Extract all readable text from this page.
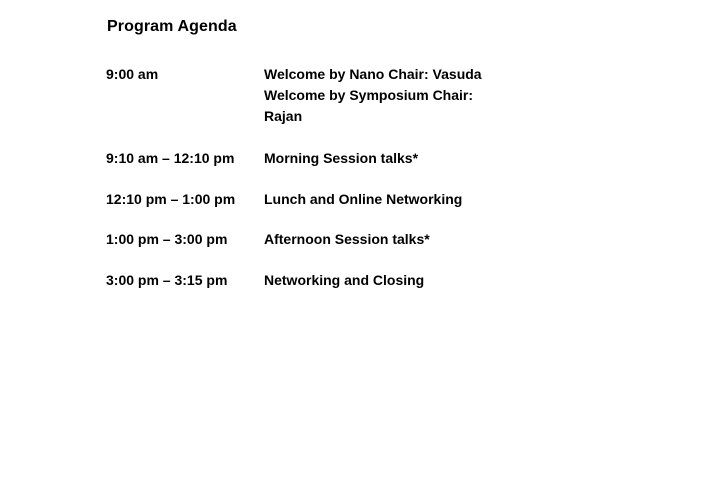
Program Agenda
9:00 am	Welcome by Nano Chair: Vasuda
Welcome by Symposium Chair:
Rajan
9:10 am – 12:10 pm	Morning Session talks*
12:10 pm – 1:00 pm	Lunch and Online Networking
1:00 pm – 3:00 pm	Afternoon Session talks*
3:00 pm – 3:15 pm	Networking and Closing
